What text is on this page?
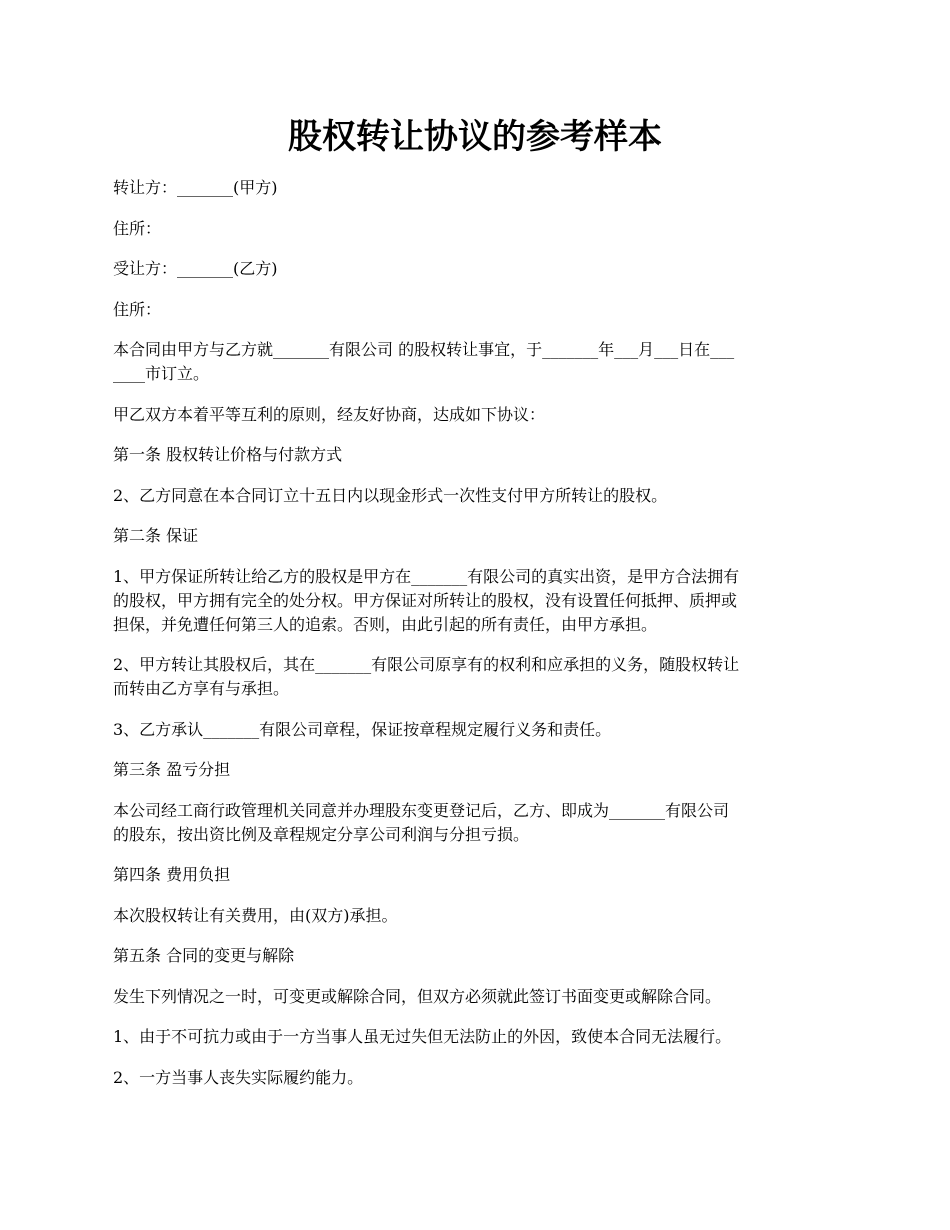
股权转让协议的参考样本

转让方：_______(甲方)

住所：

受让方：_______(乙方)

住所：

本合同由甲方与乙方就_______有限公司 的股权转让事宜，于_______年___月___日在___
____市订立。

甲乙双方本着平等互利的原则，经友好协商，达成如下协议：

第一条 股权转让价格与付款方式

2、乙方同意在本合同订立十五日内以现金形式一次性支付甲方所转让的股权。

第二条 保证

1、甲方保证所转让给乙方的股权是甲方在_______有限公司的真实出资，是甲方合法拥有
的股权，甲方拥有完全的处分权。甲方保证对所转让的股权，没有设置任何抵押、质押或
担保，并免遭任何第三人的追索。否则，由此引起的所有责任，由甲方承担。

2、甲方转让其股权后，其在_______有限公司原享有的权利和应承担的义务，随股权转让
而转由乙方享有与承担。

3、乙方承认_______有限公司章程，保证按章程规定履行义务和责任。

第三条 盈亏分担

本公司经工商行政管理机关同意并办理股东变更登记后，乙方、即成为_______有限公司
的股东，按出资比例及章程规定分享公司利润与分担亏损。

第四条 费用负担

本次股权转让有关费用，由(双方)承担。

第五条 合同的变更与解除

发生下列情况之一时，可变更或解除合同，但双方必须就此签订书面变更或解除合同。

1、由于不可抗力或由于一方当事人虽无过失但无法防止的外因，致使本合同无法履行。

2、一方当事人丧失实际履约能力。
